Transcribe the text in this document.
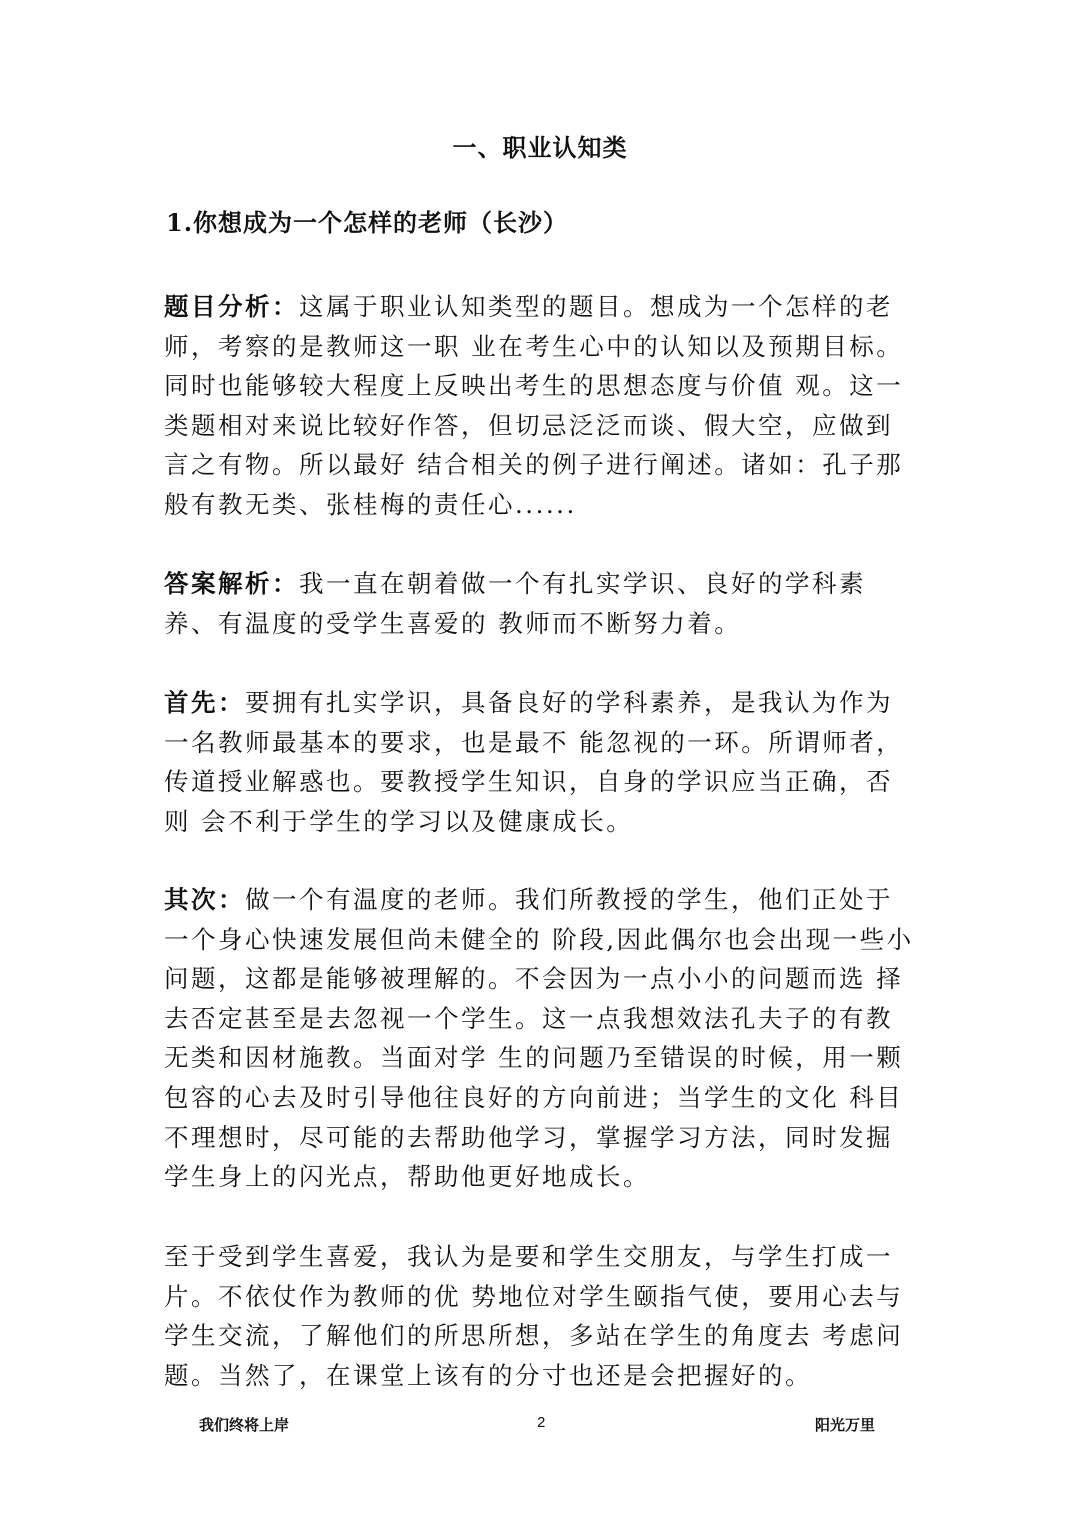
一、职业认知类
1.你想成为一个怎样的老师（长沙）

题目分析：这属于职业认知类型的题目。想成为一个怎样的老师，考察的是教师这一职 业在考生心中的认知以及预期目标。同时也能够较大程度上反映出考生的思想态度与价值 观。这一类题相对来说比较好作答，但切忌泛泛而谈、假大空，应做到言之有物。所以最好 结合相关的例子进行阐述。诸如：孔子那般有教无类、张桂梅的责任心......

答案解析：我一直在朝着做一个有扎实学识、良好的学科素养、有温度的受学生喜爱的 教师而不断努力着。

首先：要拥有扎实学识，具备良好的学科素养，是我认为作为一名教师最基本的要求，也是最不 能忽视的一环。所谓师者，传道授业解惑也。要教授学生知识，自身的学识应当正确，否则 会不利于学生的学习以及健康成长。

其次：做一个有温度的老师。我们所教授的学生，他们正处于一个身心快速发展但尚未健全的 阶段,因此偶尔也会出现一些小问题，这都是能够被理解的。不会因为一点小小的问题而选 择去否定甚至是去忽视一个学生。这一点我想效法孔夫子的有教无类和因材施教。当面对学 生的问题乃至错误的时候，用一颗包容的心去及时引导他往良好的方向前进；当学生的文化 科目不理想时，尽可能的去帮助他学习，掌握学习方法，同时发掘学生身上的闪光点，帮助他更好地成长。

至于受到学生喜爱，我认为是要和学生交朋友，与学生打成一片。不依仗作为教师的优 势地位对学生颐指气使，要用心去与学生交流，了解他们的所思所想，多站在学生的角度去 考虑问题。当然了，在课堂上该有的分寸也还是会把握好的。

我们终将上岸	2	阳光万里
